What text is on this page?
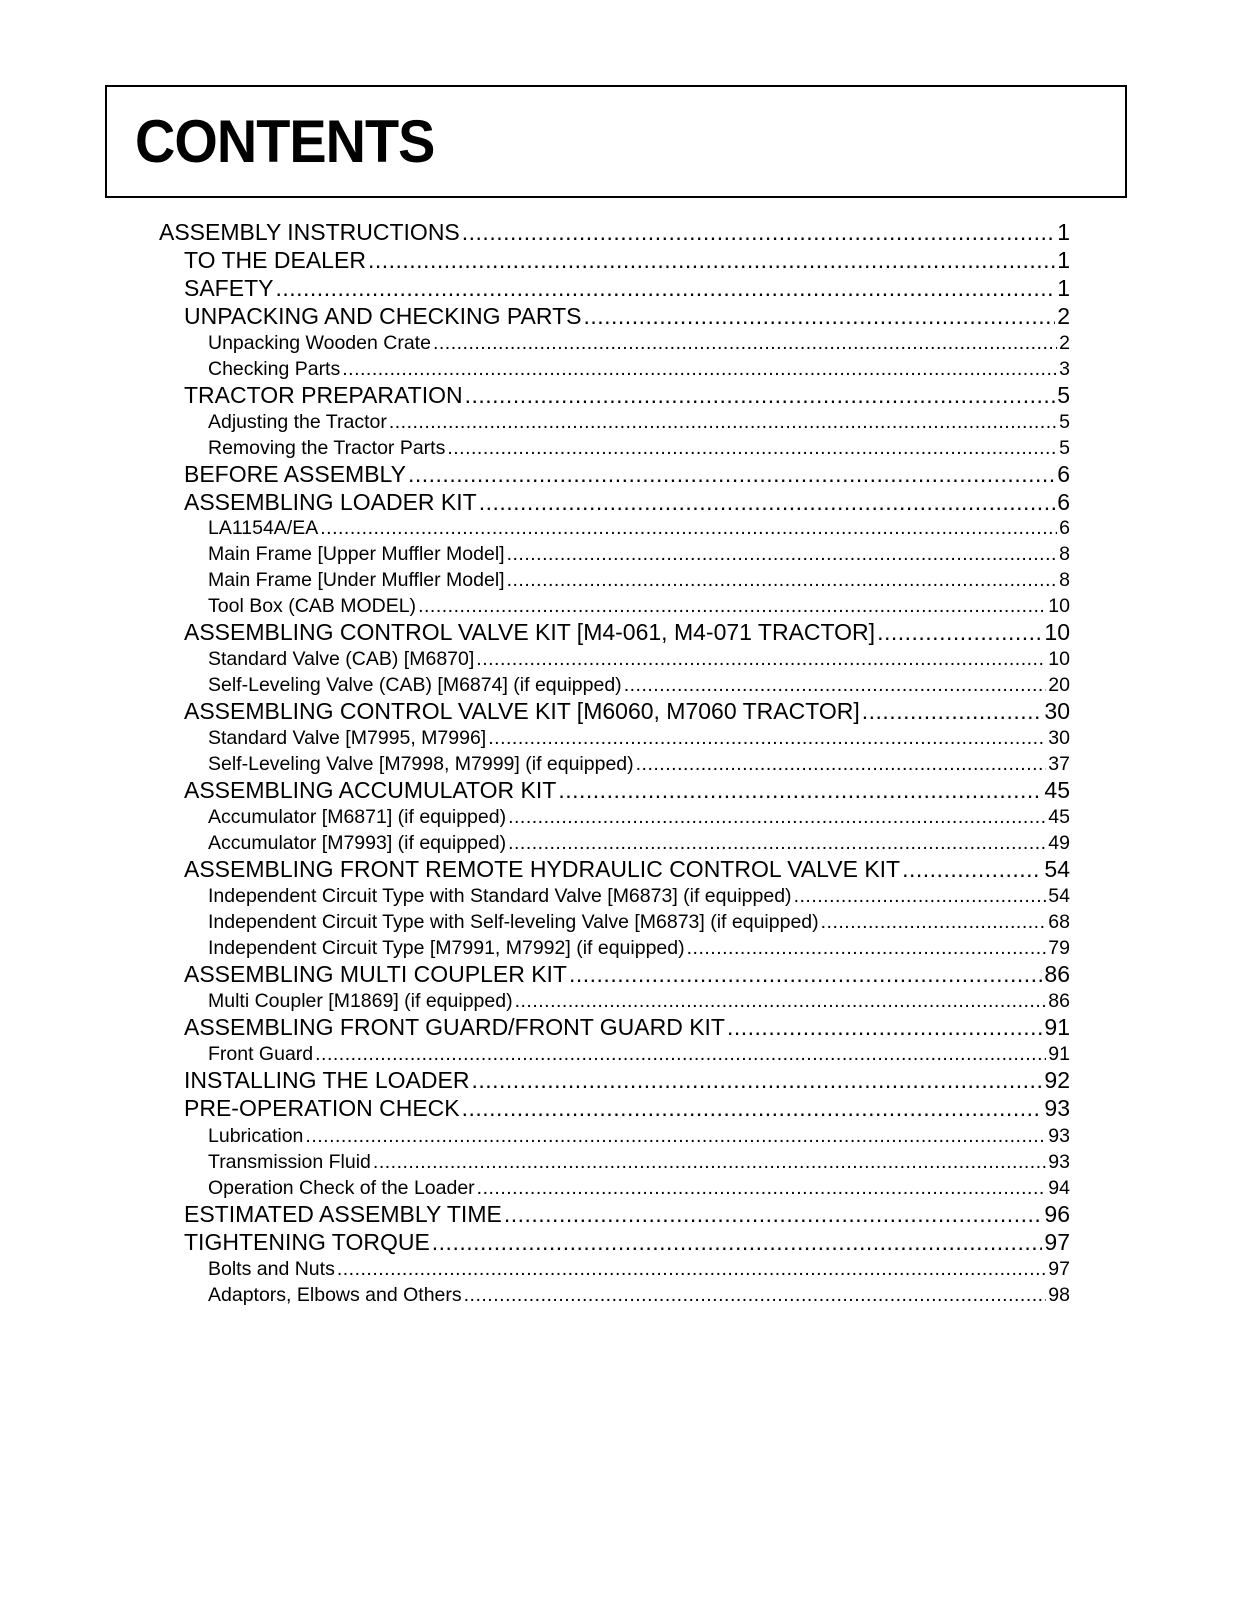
CONTENTS
ASSEMBLY INSTRUCTIONS .....	1
TO THE DEALER .....	1
SAFETY .....	1
UNPACKING AND CHECKING PARTS .....	2
Unpacking Wooden Crate .....	2
Checking Parts .....	3
TRACTOR PREPARATION .....	5
Adjusting the Tractor .....	5
Removing the Tractor Parts .....	5
BEFORE ASSEMBLY .....	6
ASSEMBLING LOADER KIT .....	6
LA1154A/EA .....	6
Main Frame [Upper Muffler Model] .....	8
Main Frame [Under Muffler Model] .....	8
Tool Box (CAB MODEL) .....	10
ASSEMBLING CONTROL VALVE KIT [M4-061, M4-071 TRACTOR] .....	10
Standard Valve (CAB) [M6870] .....	10
Self-Leveling Valve (CAB) [M6874] (if equipped) .....	20
ASSEMBLING CONTROL VALVE KIT [M6060, M7060 TRACTOR] .....	30
Standard Valve [M7995, M7996] .....	30
Self-Leveling Valve [M7998, M7999] (if equipped) .....	37
ASSEMBLING ACCUMULATOR KIT .....	45
Accumulator [M6871] (if equipped) .....	45
Accumulator [M7993] (if equipped) .....	49
ASSEMBLING FRONT REMOTE HYDRAULIC CONTROL VALVE KIT .....	54
Independent Circuit Type with Standard Valve [M6873] (if equipped) .....	54
Independent Circuit Type with Self-leveling Valve [M6873] (if equipped) .....	68
Independent Circuit Type [M7991, M7992] (if equipped) .....	79
ASSEMBLING MULTI COUPLER KIT .....	86
Multi Coupler [M1869] (if equipped) .....	86
ASSEMBLING FRONT GUARD/FRONT GUARD KIT .....	91
Front Guard .....	91
INSTALLING THE LOADER .....	92
PRE-OPERATION CHECK .....	93
Lubrication .....	93
Transmission Fluid .....	93
Operation Check of the Loader .....	94
ESTIMATED ASSEMBLY TIME .....	96
TIGHTENING TORQUE .....	97
Bolts and Nuts .....	97
Adaptors, Elbows and Others .....	98
